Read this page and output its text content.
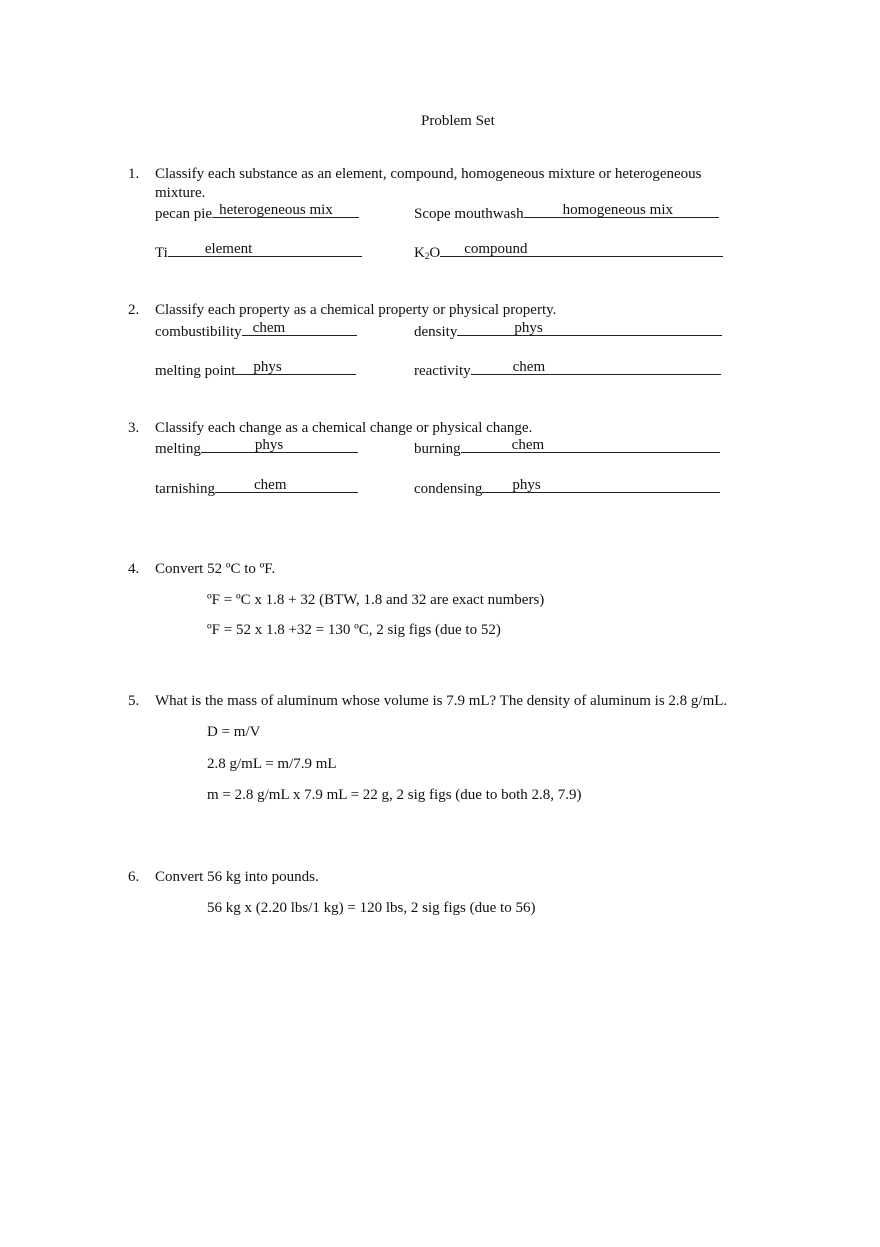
Problem Set
1. Classify each substance as an element, compound, homogeneous mixture or heterogeneous
mixture.
pecan pie heterogeneous mix	Scope mouthwash	homogeneous mix
Ti element	$K_2O$ compound
2. Classify each property as a chemical property or physical property.
combustibility chem	density	phys
melting point phys	reactivity	chem
3. Classify each change as a chemical change or physical change.
melting	phys	burning	chem
tarnishing	chem	condensing phys
4. Convert 52 ºC to ºF.
ºF = ºC x 1.8 + 32 (BTW, 1.8 and 32 are exact numbers)
ºF = 52 x 1.8 +32 = 130 ºC, 2 sig figs (due to 52)
5. What is the mass of aluminum whose volume is 7.9 mL? The density of aluminum is 2.8 g/mL.
D = m/V
2.8 g/mL = m/7.9 mL
m = 2.8 g/mL x 7.9 mL = 22 g, 2 sig figs (due to both 2.8, 7.9)
6. Convert 56 kg into pounds.
56 kg x (2.20 lbs/1 kg) = 120 lbs, 2 sig figs (due to 56)
